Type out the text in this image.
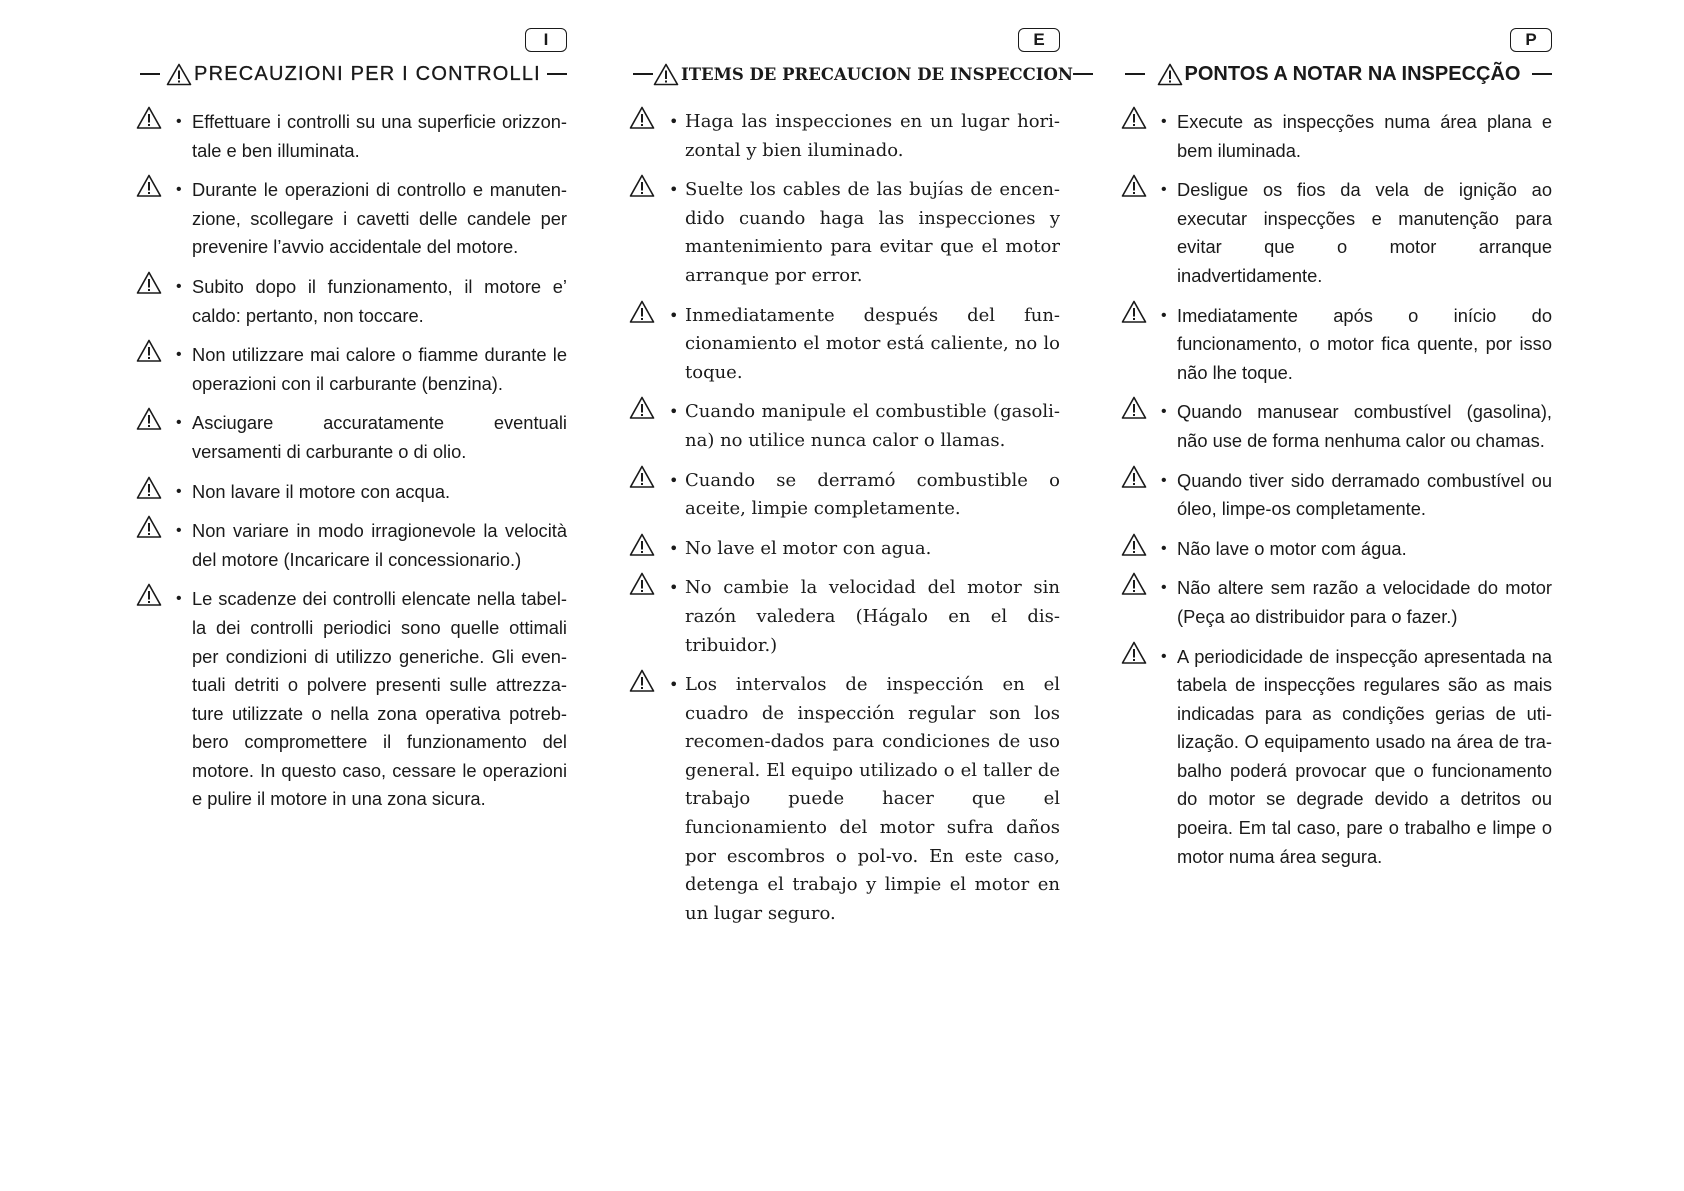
I
PRECAUZIONI PER I CONTROLLI
• Effettuare i controlli su una superficie orizzon-tale e ben illuminata.
• Durante le operazioni di controllo e manuten-zione, scollegare i cavetti delle candele per prevenire l’avvio accidentale del motore.
• Subito dopo il funzionamento, il motore e’ caldo: pertanto, non toccare.
• Non utilizzare mai calore o fiamme durante le operazioni con il carburante (benzina).
• Asciugare accuratamente eventuali versamenti di carburante o di olio.
• Non lavare il motore con acqua.
• Non variare in modo irragionevole la velocità del motore (Incaricare il concessionario.)
• Le scadenze dei controlli elencate nella tabel-la dei controlli periodici sono quelle ottimali per condizioni di utilizzo generiche. Gli even-tuali detriti o polvere presenti sulle attrezza-ture utilizzate o nella zona operativa potreb-bero compromettere il funzionamento del motore. In questo caso, cessare le operazioni e pulire il motore in una zona sicura.
E
ITEMS DE PRECAUCION DE INSPECCION
• Haga las inspecciones en un lugar hori-zontal y bien iluminado.
• Suelte los cables de las bujías de encen-dido cuando haga las inspecciones y mantenimiento para evitar que el motor arranque por error.
• Inmediatamente después del fun-cionamiento el motor está caliente, no lo toque.
• Cuando manipule el combustible (gasoli-na) no utilice nunca calor o llamas.
• Cuando se derramó combustible o aceite, limpie completamente.
• No lave el motor con agua.
• No cambie la velocidad del motor sin razón valedera (Hágalo en el dis-tribuidor.)
• Los intervalos de inspección en el cuadro de inspección regular son los recomen-dados para condiciones de uso general. El equipo utilizado o el taller de trabajo puede hacer que el funcionamiento del motor sufra daños por escombros o pol-vo. En este caso, detenga el trabajo y limpie el motor en un lugar seguro.
P
PONTOS A NOTAR NA INSPECÇÃO
• Execute as inspecções numa área plana e bem iluminada.
• Desligue os fios da vela de ignição ao executar inspecções e manutenção para evitar que o motor arranque inadvertidamente.
• Imediatamente após o início do funcionamento, o motor fica quente, por isso não lhe toque.
• Quando manusear combustível (gasolina), não use de forma nenhuma calor ou chamas.
• Quando tiver sido derramado combustível ou óleo, limpe-os completamente.
• Não lave o motor com água.
• Não altere sem razão a velocidade do motor (Peça ao distribuidor para o fazer.)
• A periodicidade de inspecção apresentada na tabela de inspecções regulares são as mais indicadas para as condições gerias de uti-lização. O equipamento usado na área de tra-balho poderá provocar que o funcionamento do motor se degrade devido a detritos ou poeira. Em tal caso, pare o trabalho e limpe o motor numa área segura.
